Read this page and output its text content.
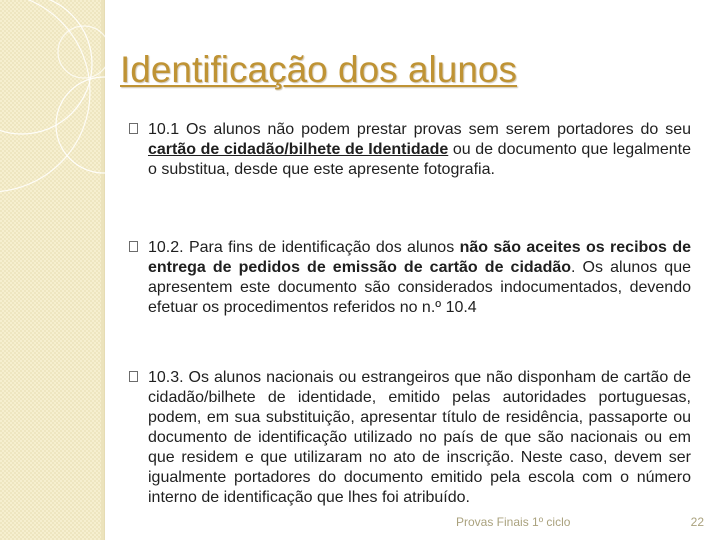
Identificação dos alunos
10.1 Os alunos não podem prestar provas sem serem portadores do seu cartão de cidadão/bilhete de Identidade ou de documento que legalmente o substitua, desde que este apresente fotografia.
10.2. Para fins de identificação dos alunos não são aceites os recibos de entrega de pedidos de emissão de cartão de cidadão. Os alunos que apresentem este documento são considerados indocumentados, devendo efetuar os procedimentos referidos no n.º 10.4
10.3. Os alunos nacionais ou estrangeiros que não disponham de cartão de cidadão/bilhete de identidade, emitido pelas autoridades portuguesas, podem, em sua substituição, apresentar título de residência, passaporte ou documento de identificação utilizado no país de que são nacionais ou em que residem e que utilizaram no ato de inscrição. Neste caso, devem ser igualmente portadores do documento emitido pela escola com o número interno de identificação que lhes foi atribuído.
Provas Finais 1º ciclo	22
